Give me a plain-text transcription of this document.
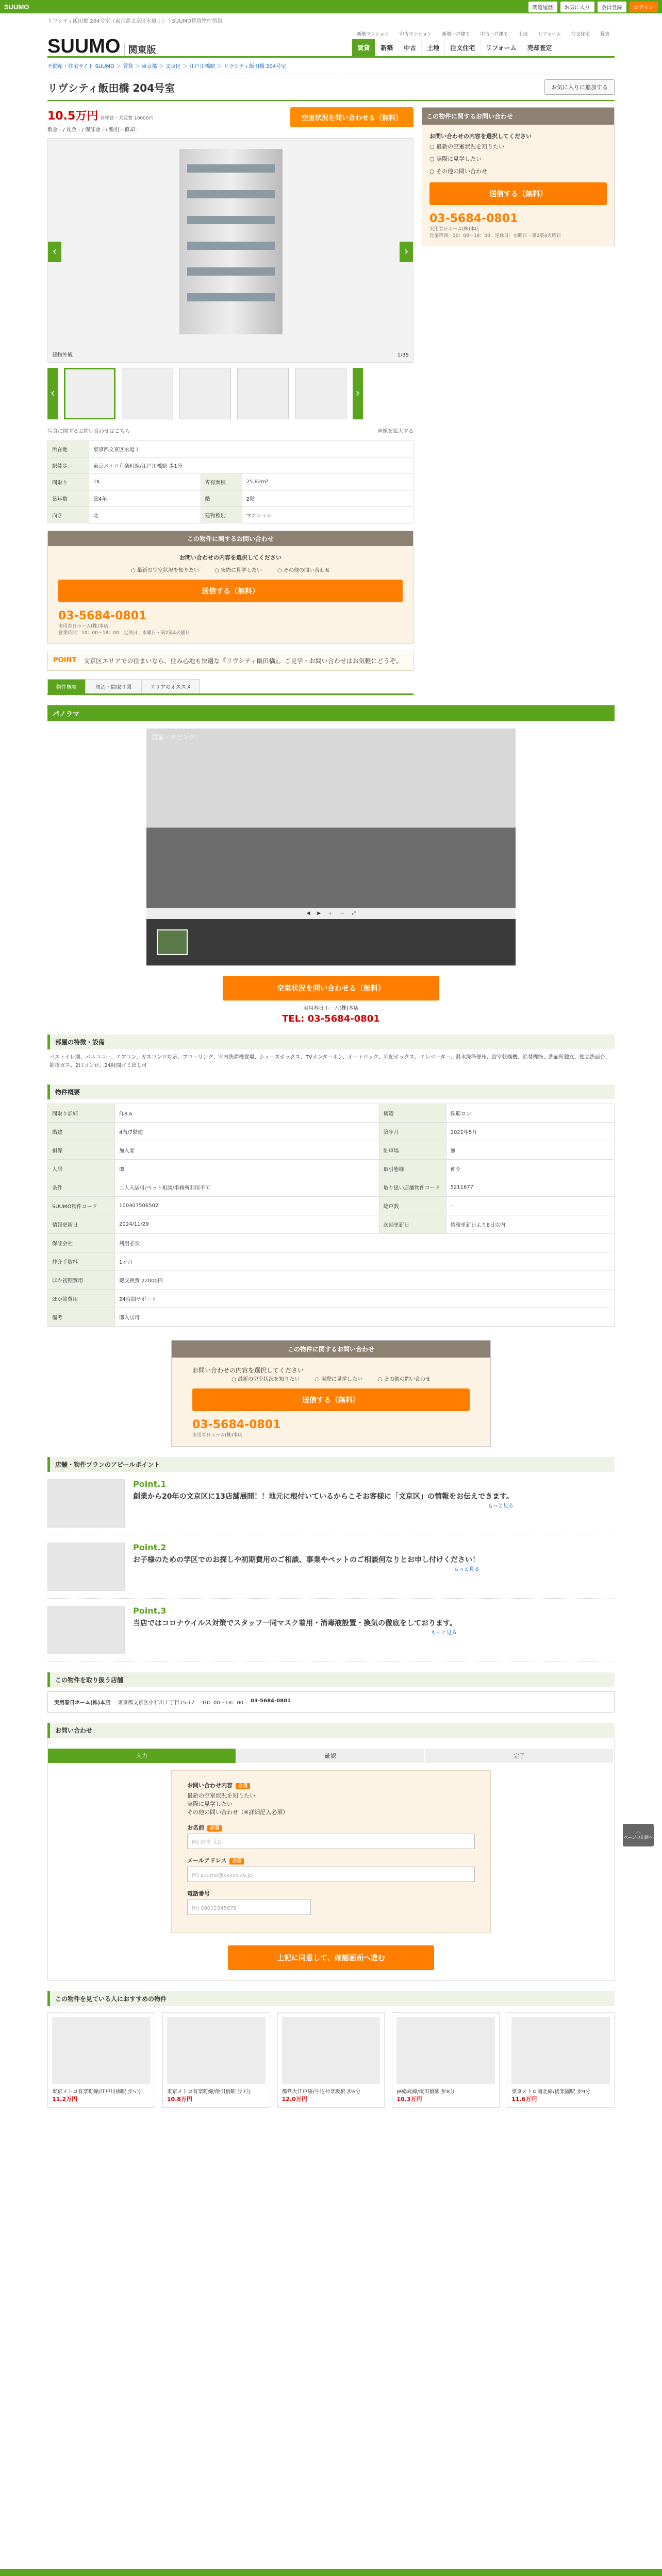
SUUMO	閲覧履歴	お気に入り	会員登録	ログイン
リヴシティ飯田橋 204号室（東京都文京区水道１）｜SUUMO賃貸物件情報
SUUMO 関東版
新築マンション	中古マンション	新築一戸建て	中古一戸建て	土地	リフォーム	注文住宅	賃貸
賃貸	新築	中古	土地	注文住宅	リフォーム	売却査定
不動産・住宅サイト SUUMO ＞ 賃貸 ＞ 東京都 ＞ 文京区 ＞ 江戸川橋駅 ＞ リヴシティ飯田橋 204号室
リヴシティ飯田橋 204号室	お気に入りに追加する
10.5万円 管理費・共益費 10000円
敷金 ‑ / 礼金 ‑ / 保証金 ‑ / 敷引・償却 ‑
空室状況を問い合わせる（無料）
‹	›
建物外観	1/35
‹	›
写真に関するお問い合わせはこちら	画像を拡大する
所在地	東京都文京区水道１		
駅徒歩	東京メトロ有楽町線/江戸川橋駅 歩1分		
間取り	1K	専有面積	25.82m²
築年数	築4年	階	2階
向き	北	建物種別	マンション
この物件に関するお問い合わせ
お問い合わせの内容を選択してください
○ 最新の空室状況を知りたい	○ 実際に見学したい	○ その他の問い合わせ
送信する（無料）
03-5684-0801
実用春日ホーム(株)本店
営業時間：10：00～18：00　定休日：水曜日・第2第4火曜日
POINT 文京区エリアでの住まいなら、住み心地も快適な『リヴシティ飯田橋』。ご見学・お問い合わせはお気軽にどうぞ。
物件概要	周辺・間取り図	エリアのオススメ
この物件に関するお問い合わせ
お問い合わせの内容を選択してください
○ 最新の空室状況を知りたい
○ 実際に見学したい
○ その他の問い合わせ
送信する（無料）
03-5684-0801
実用春日ホーム(株)本店
営業時間：10：00～18：00　定休日：水曜日・第2第4火曜日
パノラマ
居室・リビング
◀ ▶ ＋ － ⤢
空室状況を問い合わせる（無料）
実用春日ホーム(株)本店
TEL: 03-5684-0801
部屋の特徴・設備
バストイレ別、バルコニー、エアコン、ガスコンロ対応、フローリング、室内洗濯機置場、シューズボックス、TVインターホン、オートロック、宅配ボックス、エレベーター、温水洗浄便座、浴室乾燥機、追焚機能、洗面所独立、独立洗面台、都市ガス、2口コンロ、24時間ゴミ出し可
物件概要
間取り詳細	洋8.6	構造	鉄筋コン
階建	4階/7階建	築年月	2021年5月
損保	加入要	駐車場	無
入居	即	取引態様	仲介
条件	二人入居可/ペット相談/事務所利用不可	取り扱い店舗物件コード	5211677
SUUMO物件コード	100407506502	総戸数	-
情報更新日	2024/11/29	次回更新日	情報更新日より8日以内
保証会社	利用必須		
仲介手数料	1ヶ月		
ほか初期費用	鍵交換費 22000円		
ほか諸費用	24時間サポート		
備考	即入居可		
この物件に関するお問い合わせ
お問い合わせの内容を選択してください
○ 最新の空室状況を知りたい	○ 実際に見学したい	○ その他の問い合わせ
送信する（無料）
03-5684-0801
実用春日ホーム(株)本店
店舗・物件プランのアピールポイント
Point.1
創業から20年の文京区に13店舗展開！！地元に根付いているからこそお客様に「文京区」の情報をお伝えできます。
もっと見る
Point.2
お子様のための学区でのお探しや初期費用のご相談、事業やペットのご相談何なりとお申し付けください！
もっと見る
Point.3
当店ではコロナウイルス対策でスタッフ一同マスク着用・消毒液設置・換気の徹底をしております。
もっと見る
この物件を取り扱う店舗
実用春日ホーム(株)本店 東京都文京区小石川１丁目15-17 10：00～18：00 03-5684-0801
お問い合わせ
入力	確認	完了
お問い合わせ内容 必須
最新の空室状況を知りたい
実際に見学したい
その他の問い合わせ（※詳細記入必須）
お名前 必須
例) 鈴木 太郎
メールアドレス 必須
例) suumo@xxxxx.co.jp
電話番号
例) 09012345678
上記に同意して、確認画面へ進む
この物件を見ている人におすすめの物件
東京メトロ有楽町線/江戸川橋駅 歩5分
11.2万円
東京メトロ有楽町線/飯田橋駅 歩7分
10.8万円
都営大江戸線/牛込神楽坂駅 歩6分
12.0万円
JR総武線/飯田橋駅 歩8分
10.3万円
東京メトロ南北線/後楽園駅 歩9分
11.6万円
︿
ページの先頭へ
